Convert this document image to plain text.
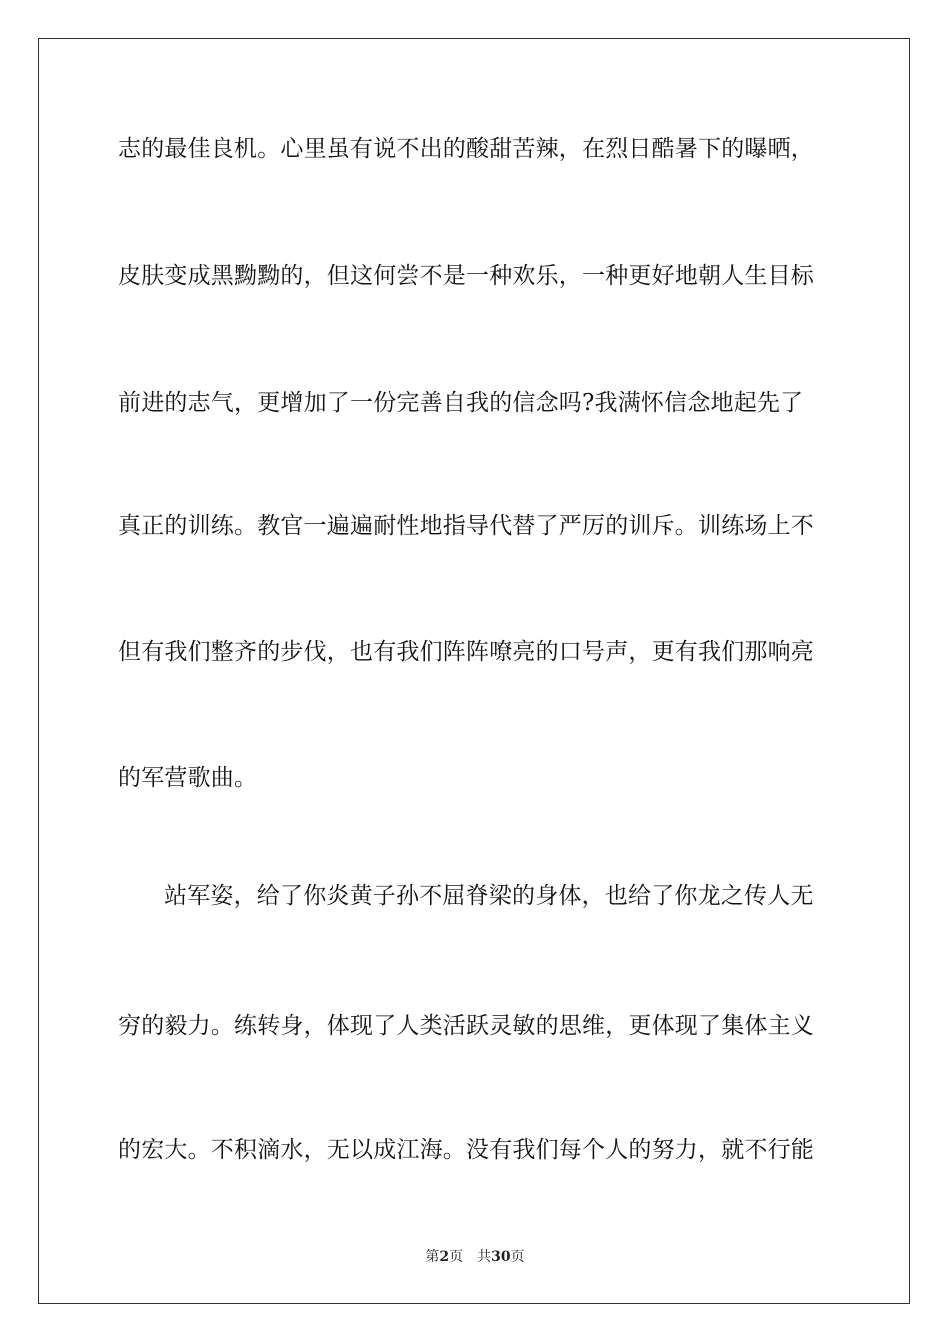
志的最佳良机。心里虽有说不出的酸甜苦辣，在烈日酷暑下的曝晒，
皮肤变成黑黝黝的，但这何尝不是一种欢乐，一种更好地朝人生目标
前进的志气，更增加了一份完善自我的信念吗?我满怀信念地起先了
真正的训练。教官一遍遍耐性地指导代替了严厉的训斥。训练场上不
但有我们整齐的步伐，也有我们阵阵嘹亮的口号声，更有我们那响亮
的军营歌曲。
站军姿，给了你炎黄子孙不屈脊梁的身体，也给了你龙之传人无
穷的毅力。练转身，体现了人类活跃灵敏的思维，更体现了集体主义
的宏大。不积滴水，无以成江海。没有我们每个人的努力，就不行能
第2页 共30页
